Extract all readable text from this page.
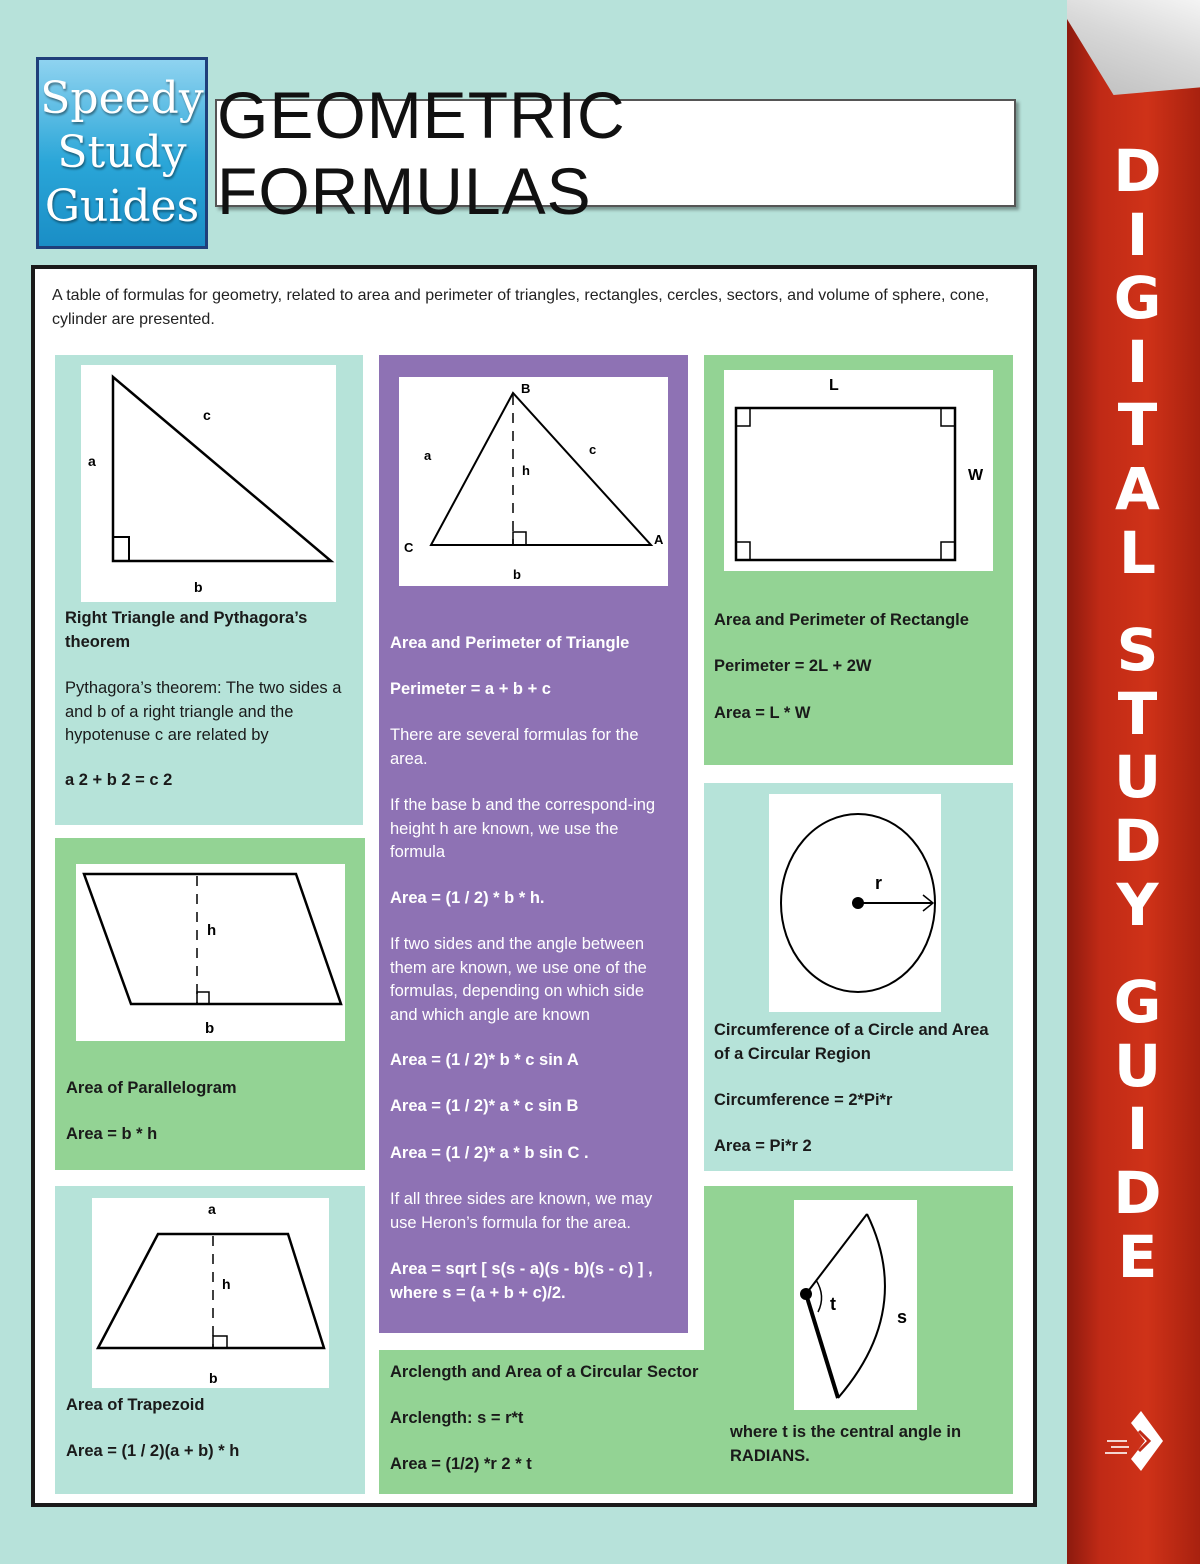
Speedy
Study
Guides
GEOMETRIC FORMULAS	D
I
G
I
T
A
L
S
T
U
D
Y
G
U
I
D
E
A table of formulas for geometry, related to area and perimeter of triangles, rectangles, cercles, sectors, and volume of sphere, cone, cylinder are presented.
a
c
b
Right Triangle and Pythagora’s theorem
Pythagora’s theorem: The two sides a and b of a right triangle and the hypotenuse c are related by
a 2 + b 2 = c 2
B
a	c
h
C
A
b
Area and Perimeter of Triangle
Perimeter = a + b + c
There are several formulas for the area.
If the base b and the correspond-ing height h are known, we use the formula
Area = (1 / 2) * b * h.
If two sides and the angle between them are known, we use one of the formulas, depending on which side and which angle are known
Area = (1 / 2)* b * c sin A
Area = (1 / 2)* a * c sin B
Area = (1 / 2)* a * b sin C .
If all three sides are known, we may use Heron’s formula for the area.
Area = sqrt [ s(s - a)(s - b)(s - c) ] , where s = (a + b + c)/2.
L
W
Area and Perimeter of Rectangle
Perimeter = 2L + 2W
Area = L * W
h
b
Area of Parallelogram
Area = b * h
r
Circumference of a Circle and Area of a Circular Region
Circumference = 2*Pi*r
Area = Pi*r 2
a
h
b
Area of Trapezoid
Area = (1 / 2)(a + b) * h
t
s
Arclength and Area of a Circular Sector
Arclength: s = r*t
Area = (1/2) *r 2 * t
where t is the central angle in RADIANS.
